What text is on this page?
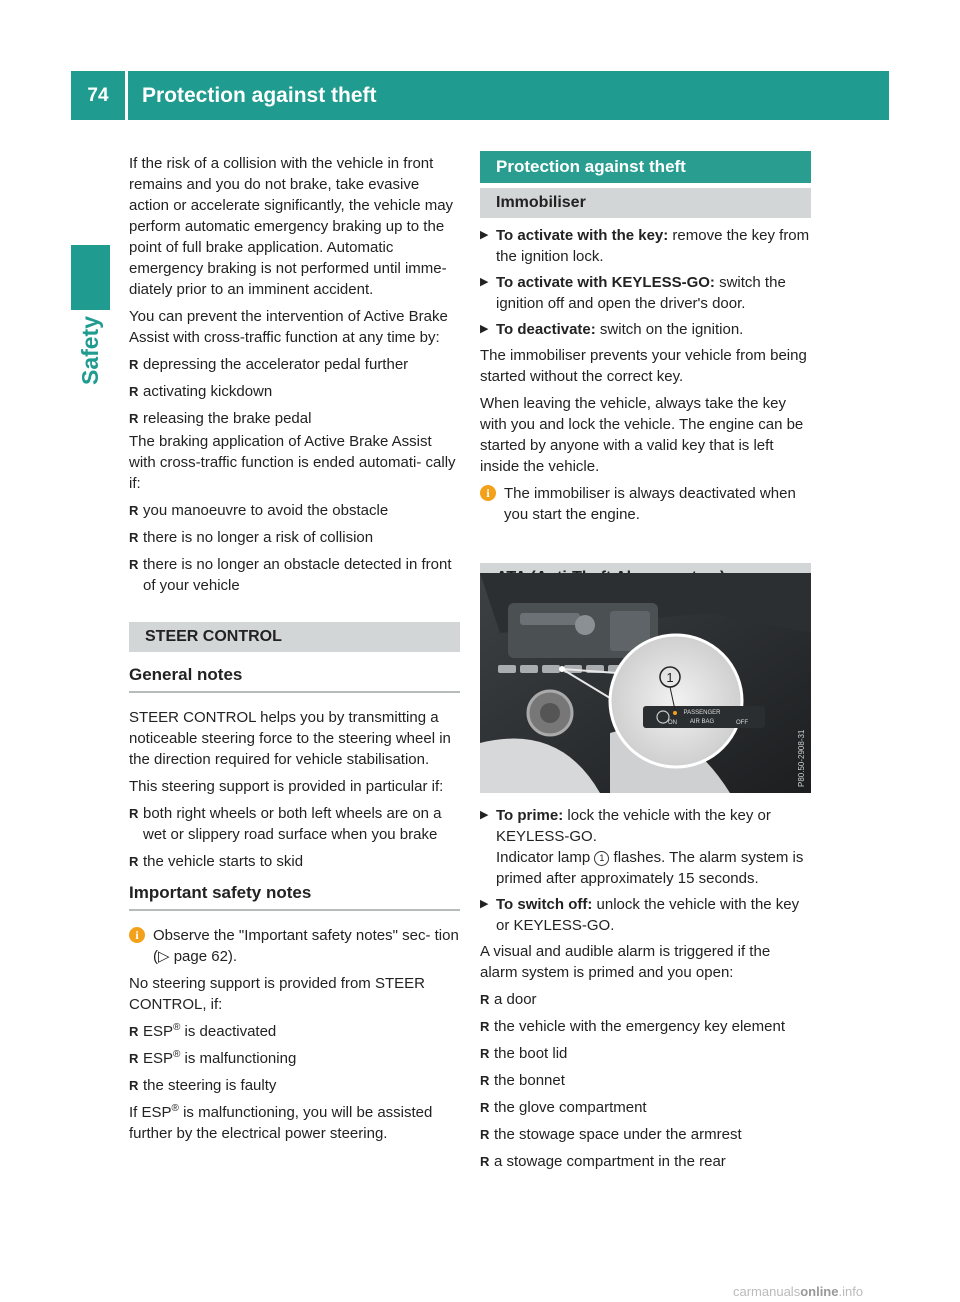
74	Protection against theft
Safety

If the risk of a collision with the vehicle in front remains and you do not brake, take evasive action or accelerate significantly, the vehicle may perform automatic emergency braking up to the point of full brake application. Automatic emergency braking is not performed until imme- diately prior to an imminent accident.

You can prevent the intervention of Active Brake Assist with cross-traffic function at any time by:

R depressing the accelerator pedal further
R activating kickdown
R releasing the brake pedal

The braking application of Active Brake Assist with cross-traffic function is ended automati- cally if:

R you manoeuvre to avoid the obstacle
R there is no longer a risk of collision
R there is no longer an obstacle detected in front of your vehicle
STEER CONTROL
General notes

STEER CONTROL helps you by transmitting a noticeable steering force to the steering wheel in the direction required for vehicle stabilisation.

This steering support is provided in particular if:

R both right wheels or both left wheels are on a wet or slippery road surface when you brake
R the vehicle starts to skid
Important safety notes
i Observe the "Important safety notes" sec- tion (▷ page 62).

No steering support is provided from STEER CONTROL, if:

R ESP® is deactivated
R ESP® is malfunctioning
R the steering is faulty

If ESP® is malfunctioning, you will be assisted further by the electrical power steering.

Protection against theft
Immobiliser
▶ To activate with the key: remove the key from the ignition lock.
▶ To activate with KEYLESS-GO: switch the ignition off and open the driver's door.
▶ To deactivate: switch on the ignition.

The immobiliser prevents your vehicle from being started without the correct key.

When leaving the vehicle, always take the key with you and lock the vehicle. The engine can be started by anyone with a valid key that is left inside the vehicle.

i The immobiliser is always deactivated when you start the engine.
1
ON
PASSENGER
AIR BAG	OFF
P80.50-2908-31
▶ To prime: lock the vehicle with the key or KEYLESS-GO.
Indicator lamp 1 flashes. The alarm system is primed after approximately 15 seconds.
▶ To switch off: unlock the vehicle with the key or KEYLESS-GO.

A visual and audible alarm is triggered if the alarm system is primed and you open:

R a door
R the vehicle with the emergency key element
R the boot lid
R the bonnet
R the glove compartment
R the stowage space under the armrest
R a stowage compartment in the rear
carmanualsonline.info
